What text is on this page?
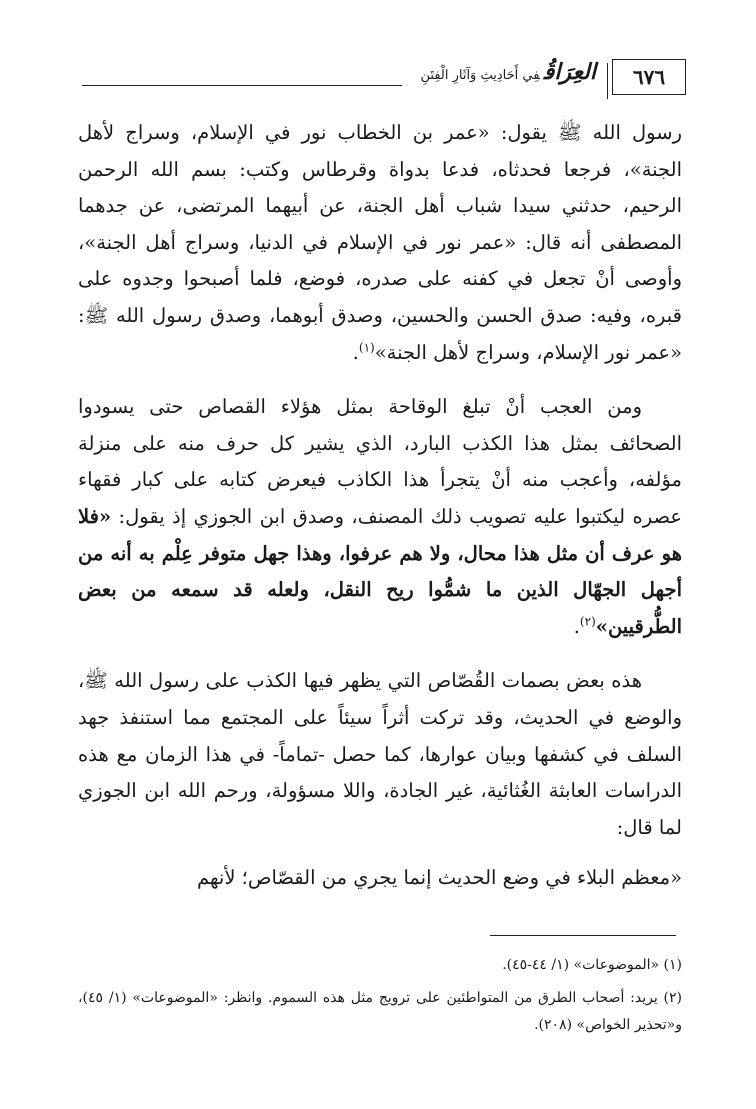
٦٧٦
العِرَاقُفِي أَحَادِيثِ وَآثَارِ الْفِتَنِ

رسول الله ﷺ يقول: «عمر بن الخطاب نور في الإسلام، وسراج لأهل الجنة»، فرجعا فحدثاه، فدعا بدواة وقرطاس وكتب: بسم الله الرحمن الرحيم، حدثني سيدا شباب أهل الجنة، عن أبيهما المرتضى، عن جدهما المصطفى أنه قال: «عمر نور في الإسلام في الدنيا، وسراج أهل الجنة»، وأوصى أنْ تجعل في كفنه على صدره، فوضع، فلما أصبحوا وجدوه على قبره، وفيه: صدق الحسن والحسين، وصدق أبوهما، وصدق رسول الله ﷺ: «عمر نور الإسلام، وسراج لأهل الجنة»$^{(١)}$.

ومن العجب أنْ تبلغ الوقاحة بمثل هؤلاء القصاص حتى يسودوا الصحائف بمثل هذا الكذب البارد، الذي يشير كل حرف منه على منزلة مؤلفه، وأعجب منه أنْ يتجرأ هذا الكاذب فيعرض كتابه على كبار فقهاء عصره ليكتبوا عليه تصويب ذلك المصنف، وصدق ابن الجوزي إذ يقول: «فلا هو عرف أن مثل هذا محال، ولا هم عرفوا، وهذا جهل متوفر عِلْم به أنه من أجهل الجهّال الذين ما شمُّوا ريح النقل، ولعله قد سمعه من بعض الطُّرقيين»$^{(٢)}$.

هذه بعض بصمات القُصّاص التي يظهر فيها الكذب على رسول الله ﷺ، والوضع في الحديث، وقد تركت أثراً سيئاً على المجتمع مما استنفذ جهد السلف في كشفها وبيان عوارها، كما حصل -تماماً- في هذا الزمان مع هذه الدراسات العابثة الغُثائية، غير الجادة، واللا مسؤولة، ورحم الله ابن الجوزي لما قال:

«معظم البلاء في وضع الحديث إنما يجري من القصّاص؛ لأنهم

(١) «الموضوعات» (١/ ٤٤-٤٥).

(٢) يريد: أصحاب الطرق من المتواطئين على ترويج مثل هذه السموم. وانظر: «الموضوعات» (١/ ٤٥)، و«تحذير الخواص» (٢٠٨).
